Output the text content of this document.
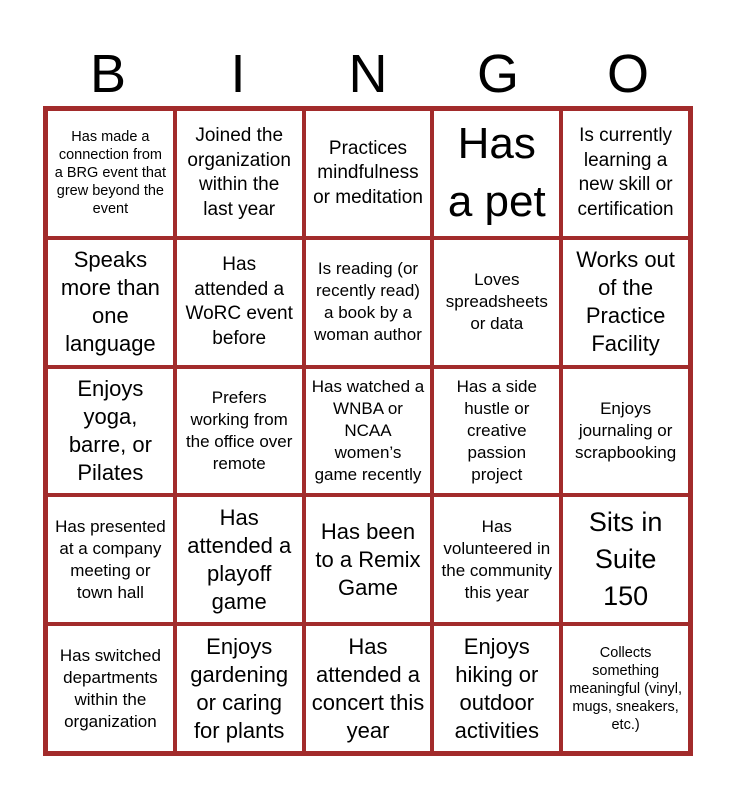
B	I	N	G	O
Has made a connection from a BRG event that grew beyond the event
Joined the organization within the last year
Practices mindfulness or meditation
Has a pet
Is currently learning a new skill or certification
Speaks more than one language
Has attended a WoRC event before
Is reading (or recently read) a book by a woman author
Loves spreadsheets or data
Works out of the Practice Facility
Enjoys yoga, barre, or Pilates
Prefers working from the office over remote
Has watched a WNBA or NCAA women’s game recently
Has a side hustle or creative passion project
Enjoys journaling or scrapbooking
Has presented at a company meeting or town hall
Has attended a playoff game
Has been to a Remix Game
Has volunteered in the community this year
Sits in Suite 150
Has switched departments within the organization
Enjoys gardening or caring for plants
Has attended a concert this year
Enjoys hiking or outdoor activities
Collects something meaningful (vinyl, mugs, sneakers, etc.)
